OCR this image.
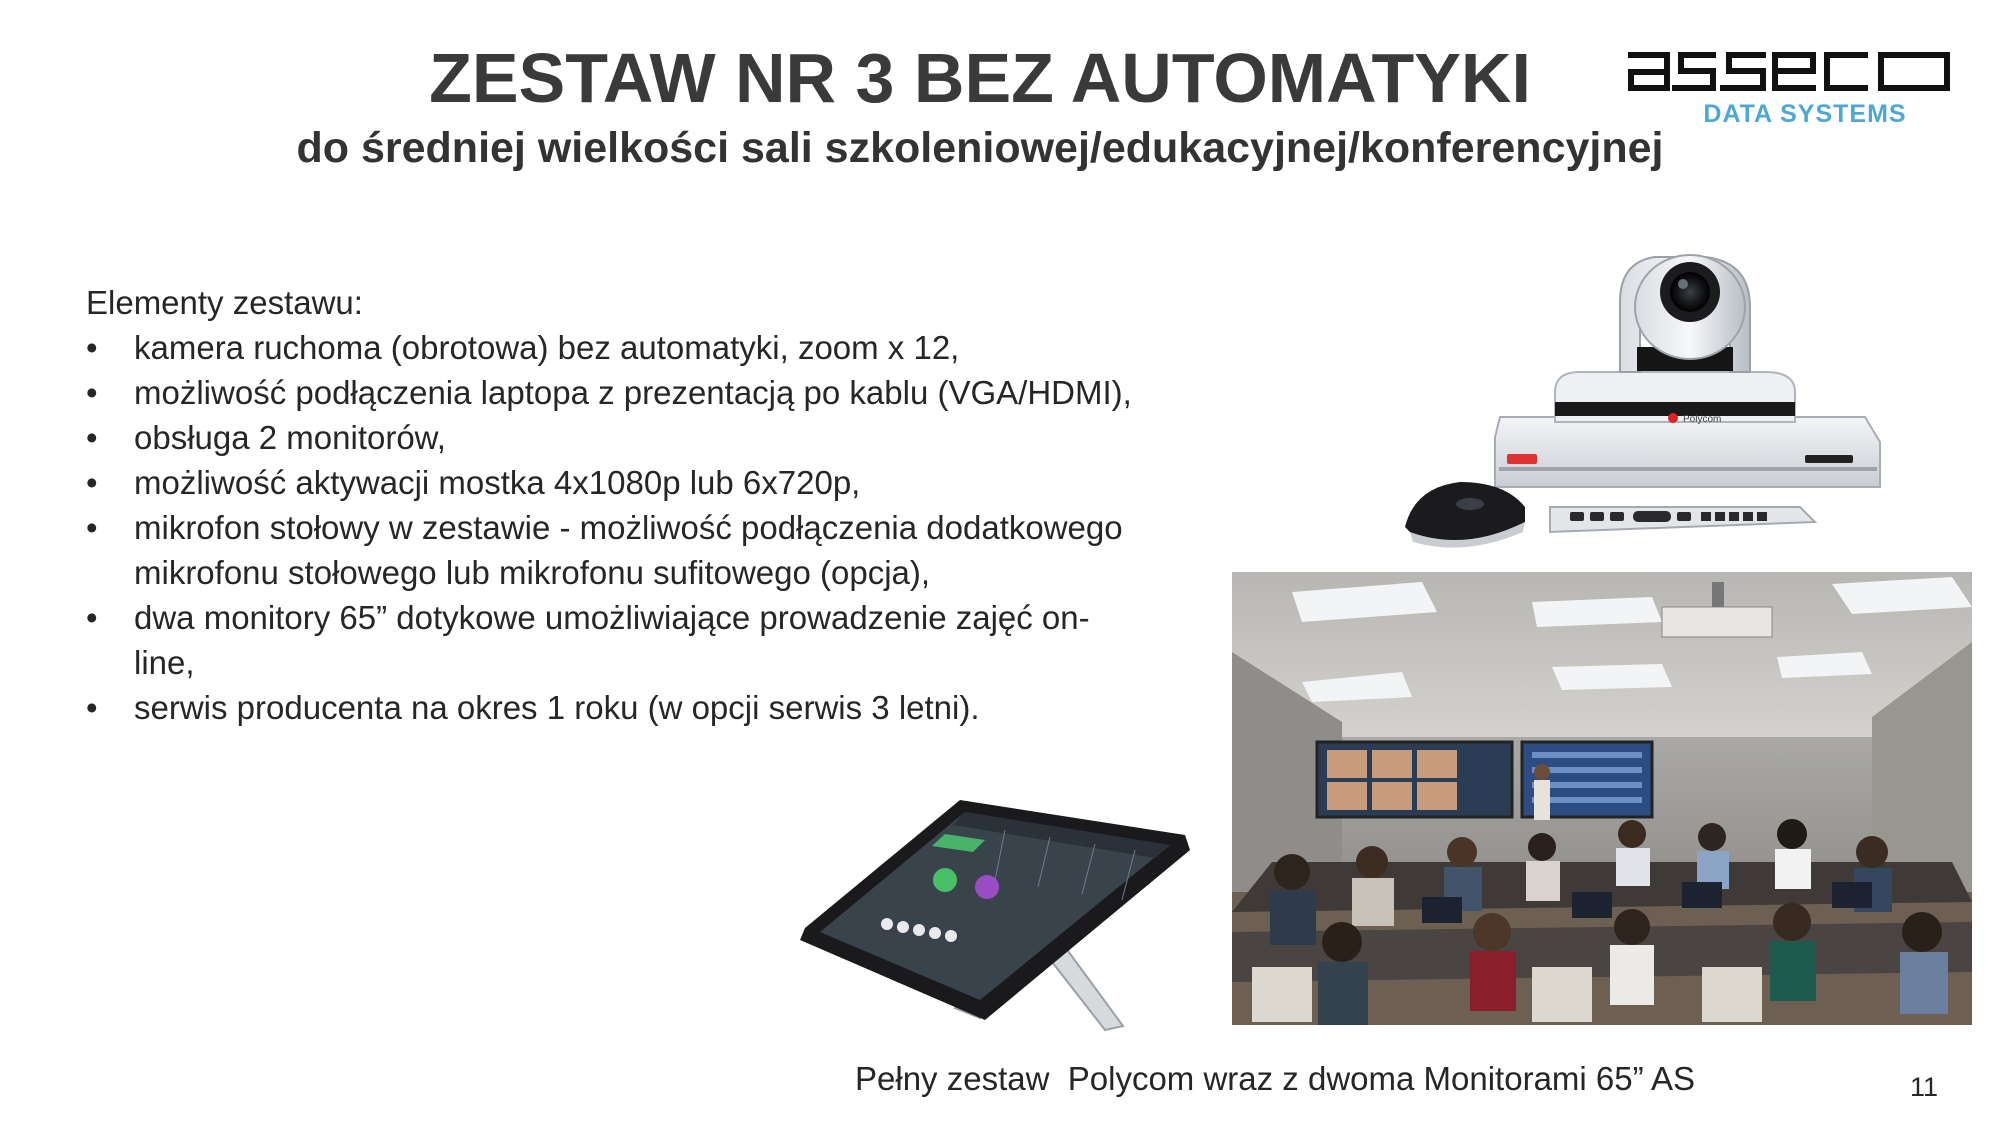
ZESTAW NR 3 BEZ AUTOMATYKI
do średniej wielkości sali szkoleniowej/edukacyjnej/konferencyjnej
DATA SYSTEMS
Elementy zestawu:
• kamera ruchoma (obrotowa) bez automatyki, zoom x 12,
• możliwość podłączenia laptopa z prezentacją po kablu (VGA/HDMI),
• obsługa 2 monitorów,
• możliwość aktywacji mostka 4x1080p lub 6x720p,
• mikrofon stołowy w zestawie - możliwość podłączenia dodatkowego
mikrofonu stołowego lub mikrofonu sufitowego (opcja),
• dwa monitory 65” dotykowe umożliwiające prowadzenie zajęć on-
line,
• serwis producenta na okres 1 roku (w opcji serwis 3 letni).
Polycom
Pełny zestaw  Polycom wraz z dwoma Monitorami 65” AS	11
